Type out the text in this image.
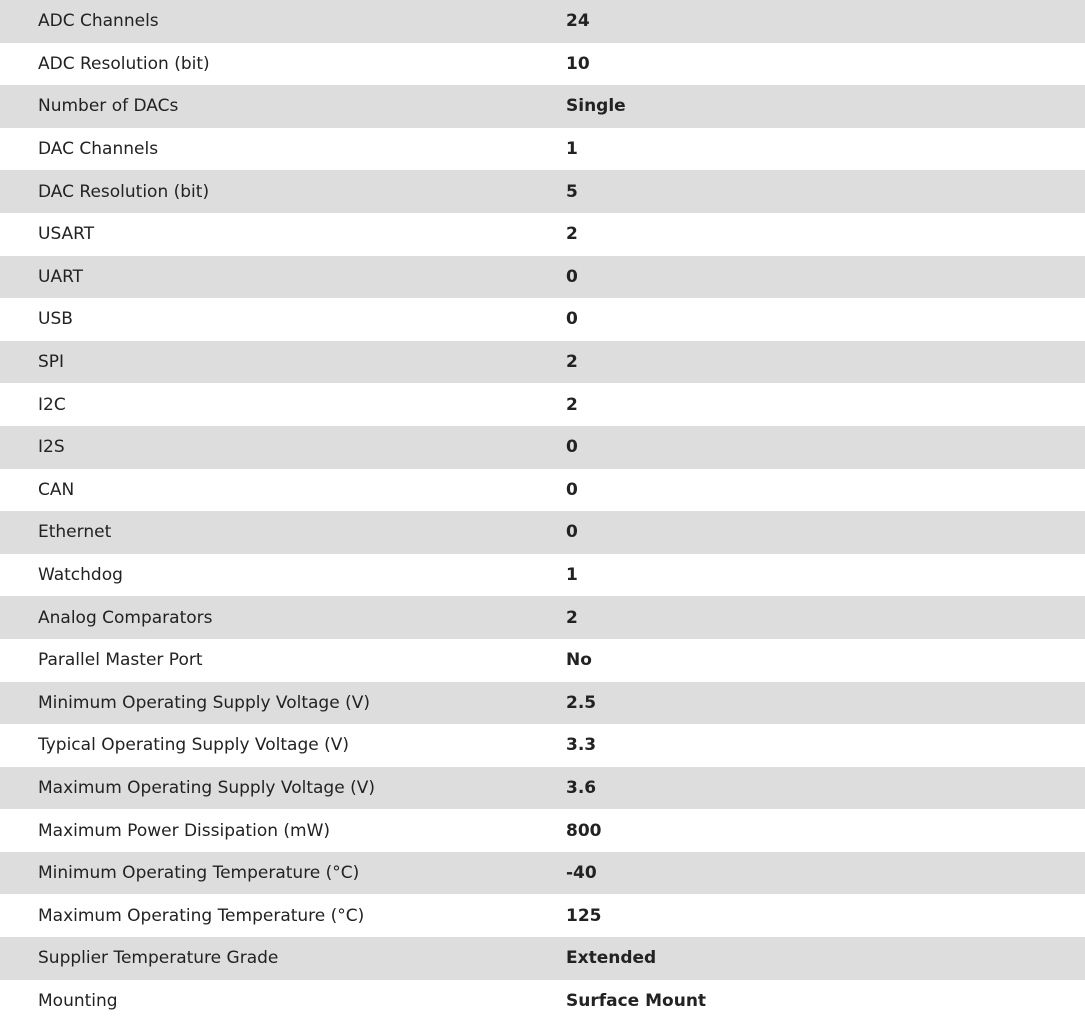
ADC Channels	24
ADC Resolution (bit)	10
Number of DACs	Single
DAC Channels	1
DAC Resolution (bit)	5
USART	2
UART	0
USB	0
SPI	2
I2C	2
I2S	0
CAN	0
Ethernet	0
Watchdog	1
Analog Comparators	2
Parallel Master Port	No
Minimum Operating Supply Voltage (V)	2.5
Typical Operating Supply Voltage (V)	3.3
Maximum Operating Supply Voltage (V)	3.6
Maximum Power Dissipation (mW)	800
Minimum Operating Temperature (°C)	-40
Maximum Operating Temperature (°C)	125
Supplier Temperature Grade	Extended
Mounting	Surface Mount
